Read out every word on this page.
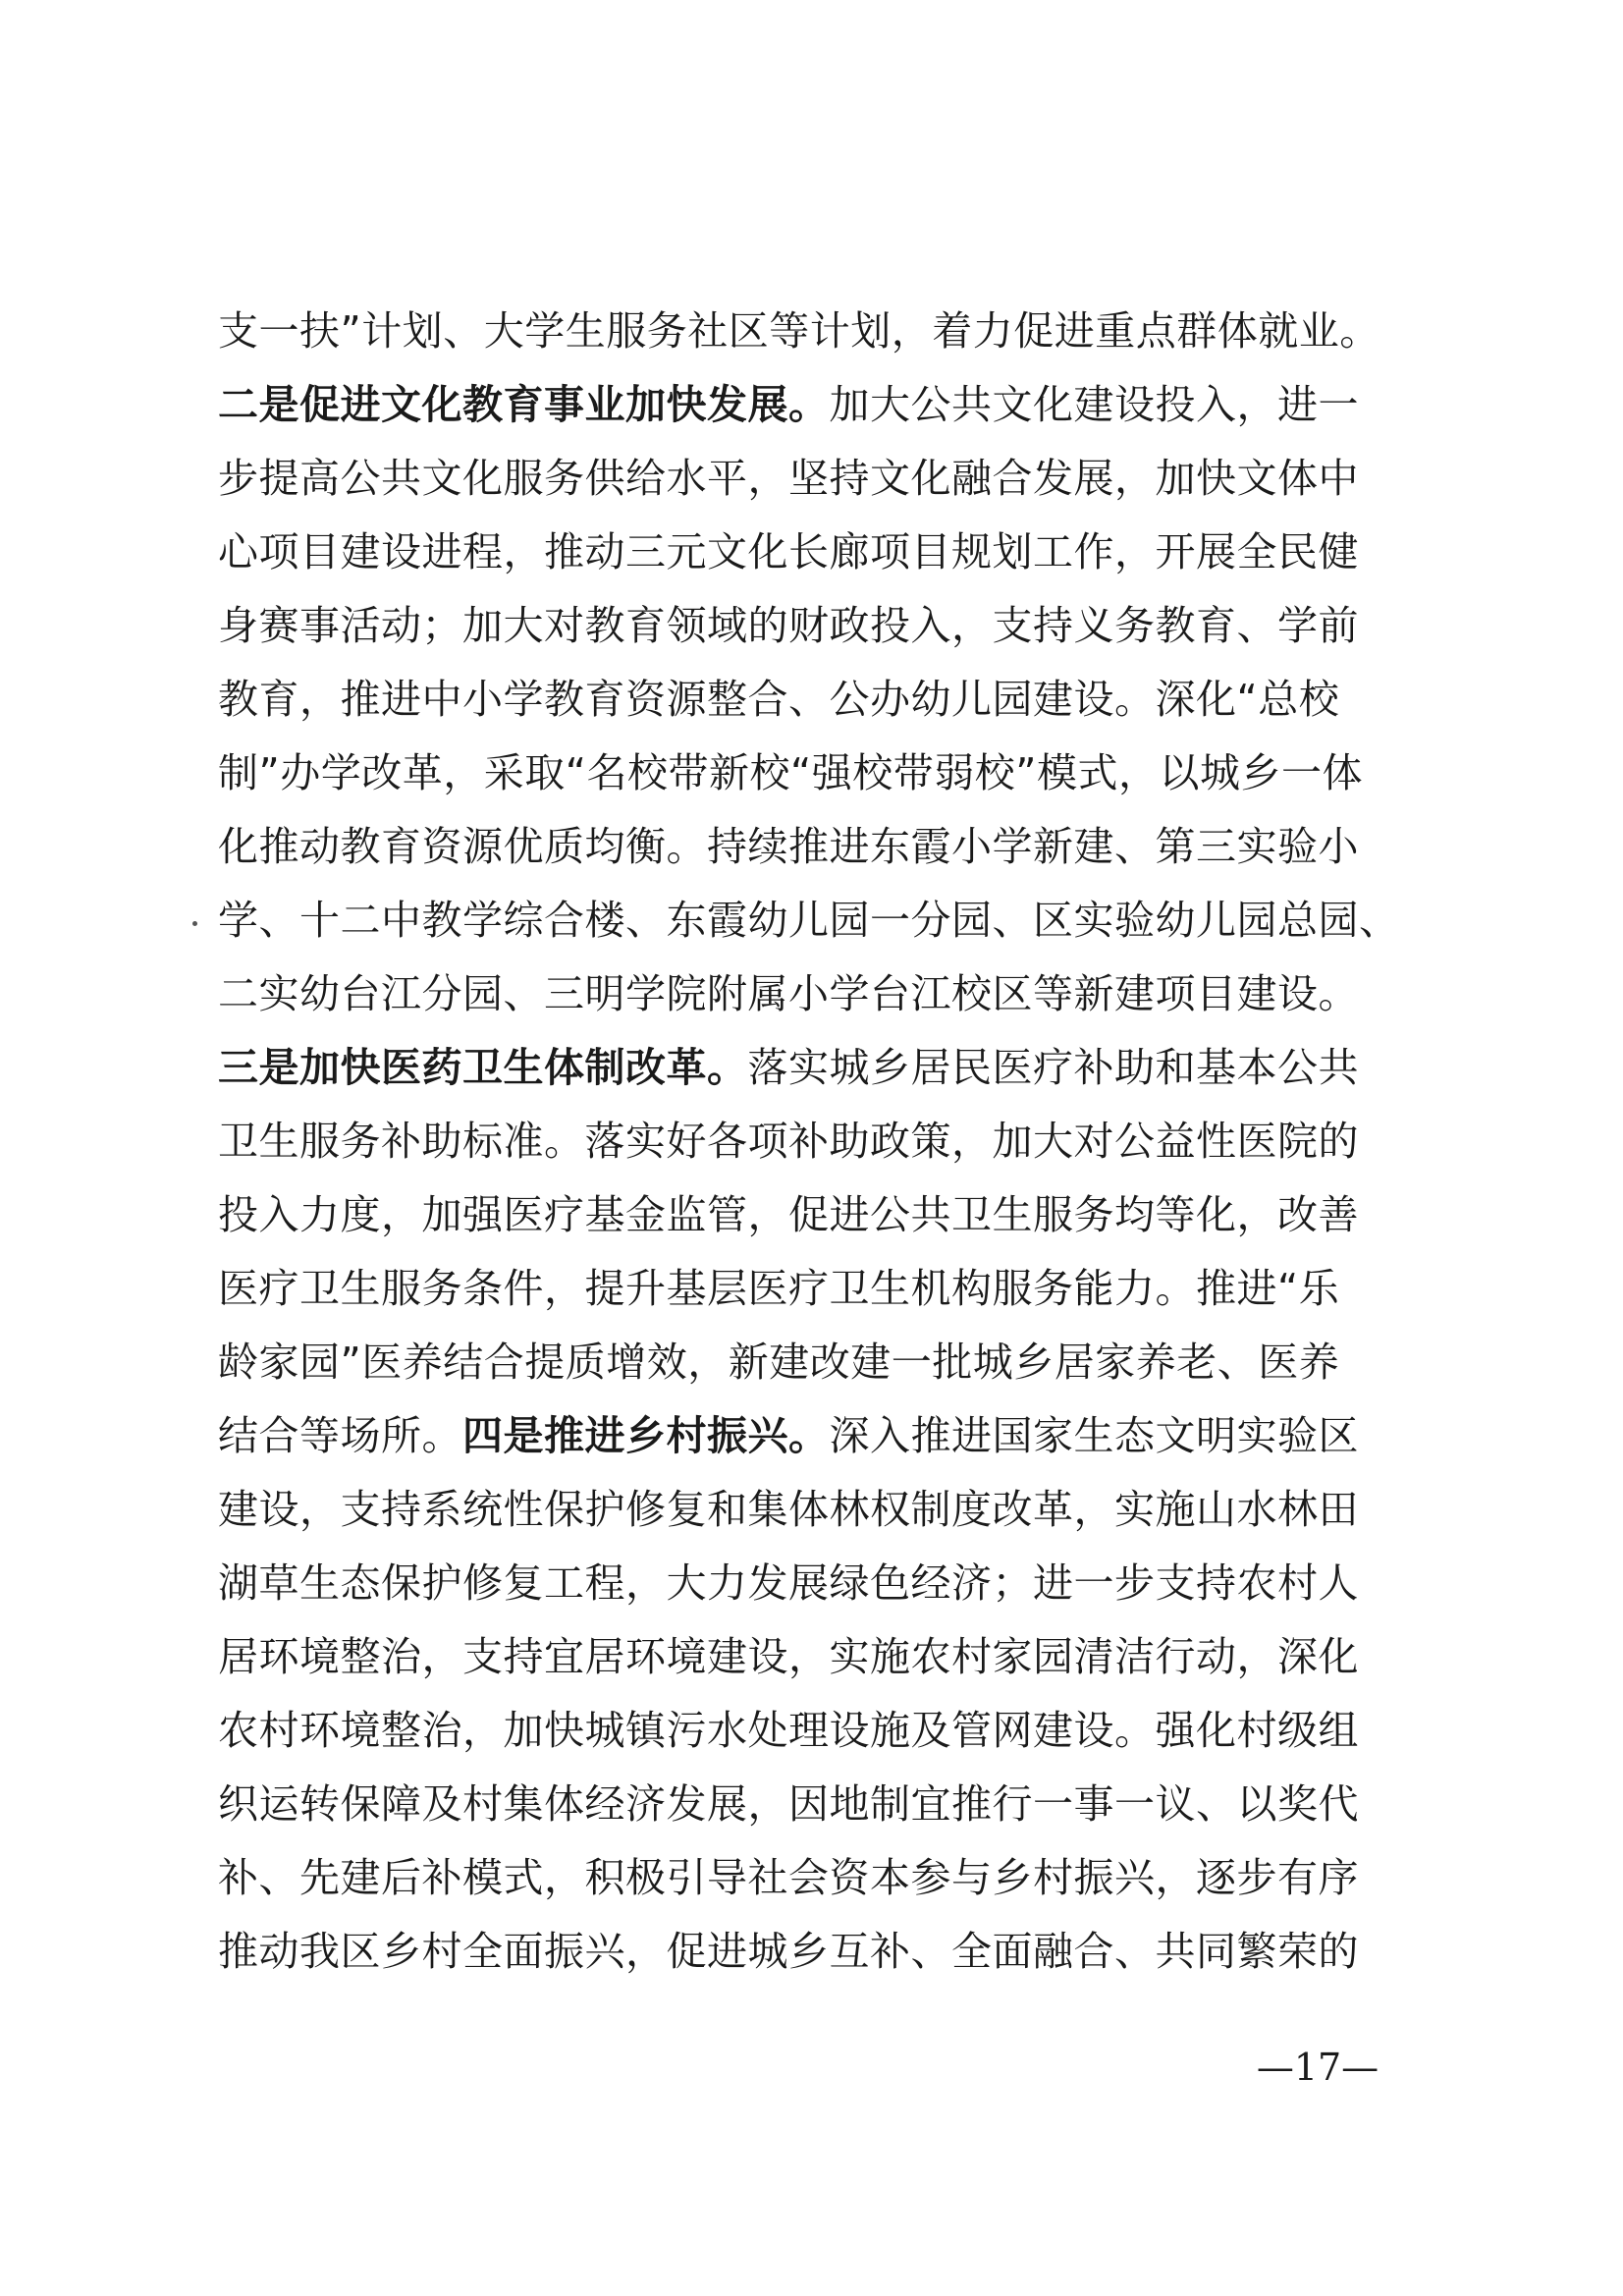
支一扶”计划、大学生服务社区等计划，着力促进重点群体就业。
二是促进文化教育事业加快发展。加大公共文化建设投入，进一
步提高公共文化服务供给水平，坚持文化融合发展，加快文体中
心项目建设进程，推动三元文化长廊项目规划工作，开展全民健
身赛事活动；加大对教育领域的财政投入，支持义务教育、学前
教育，推进中小学教育资源整合、公办幼儿园建设。深化“总校
制”办学改革，采取“名校带新校“强校带弱校”模式，以城乡一体
化推动教育资源优质均衡。持续推进东霞小学新建、第三实验小
学、十二中教学综合楼、东霞幼儿园一分园、区实验幼儿园总园、
二实幼台江分园、三明学院附属小学台江校区等新建项目建设。
三是加快医药卫生体制改革。落实城乡居民医疗补助和基本公共
卫生服务补助标准。落实好各项补助政策，加大对公益性医院的
投入力度，加强医疗基金监管，促进公共卫生服务均等化，改善
医疗卫生服务条件，提升基层医疗卫生机构服务能力。推进“乐
龄家园”医养结合提质增效，新建改建一批城乡居家养老、医养
结合等场所。四是推进乡村振兴。深入推进国家生态文明实验区
建设，支持系统性保护修复和集体林权制度改革，实施山水林田
湖草生态保护修复工程，大力发展绿色经济；进一步支持农村人
居环境整治，支持宜居环境建设，实施农村家园清洁行动，深化
农村环境整治，加快城镇污水处理设施及管网建设。强化村级组
织运转保障及村集体经济发展，因地制宜推行一事一议、以奖代
补、先建后补模式，积极引导社会资本参与乡村振兴，逐步有序
推动我区乡村全面振兴，促进城乡互补、全面融合、共同繁荣的
—17—
